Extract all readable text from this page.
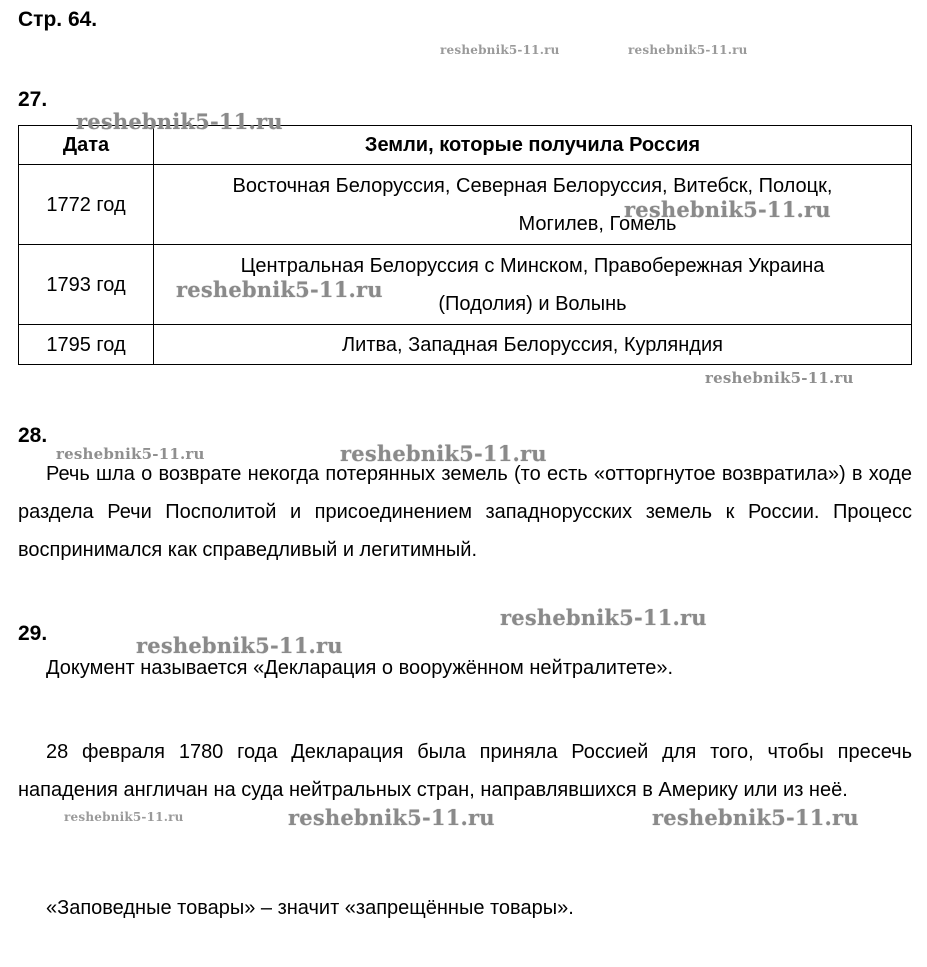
Стр. 64.
27.
Дата	Земли, которые получила Россия
1772 год	Восточная Белоруссия, Северная Белоруссия, Витебск, Полоцк,
Могилев, Гомель

1793 год	Центральная Белоруссия с Минском, Правобережная Украина
(Подолия) и Волынь

1795 год	Литва, Западная Белоруссия, Курляндия
28.
Речь шла о возврате некогда потерянных земель (то есть «отторгнутое возвратила») в ходе раздела Речи Посполитой и присоединением западнорусских земель к России. Процесс воспринимался как справедливый и легитимный.
29.
Документ называется «Декларация о вооружённом нейтралитете».
28 февраля 1780 года Декларация была приняла Россией для того, чтобы пресечь нападения англичан на суда нейтральных стран, направлявшихся в Америку или из неё.
«Заповедные товары» – значит «запрещённые товары».
reshebnik5-11.ru	reshebnik5-11.ru
reshebnik5-11.ru
reshebnik5-11.ru
reshebnik5-11.ru
reshebnik5-11.ru
reshebnik5-11.ru	reshebnik5-11.ru
reshebnik5-11.ru
reshebnik5-11.ru
reshebnik5-11.ru	reshebnik5-11.ru	reshebnik5-11.ru
